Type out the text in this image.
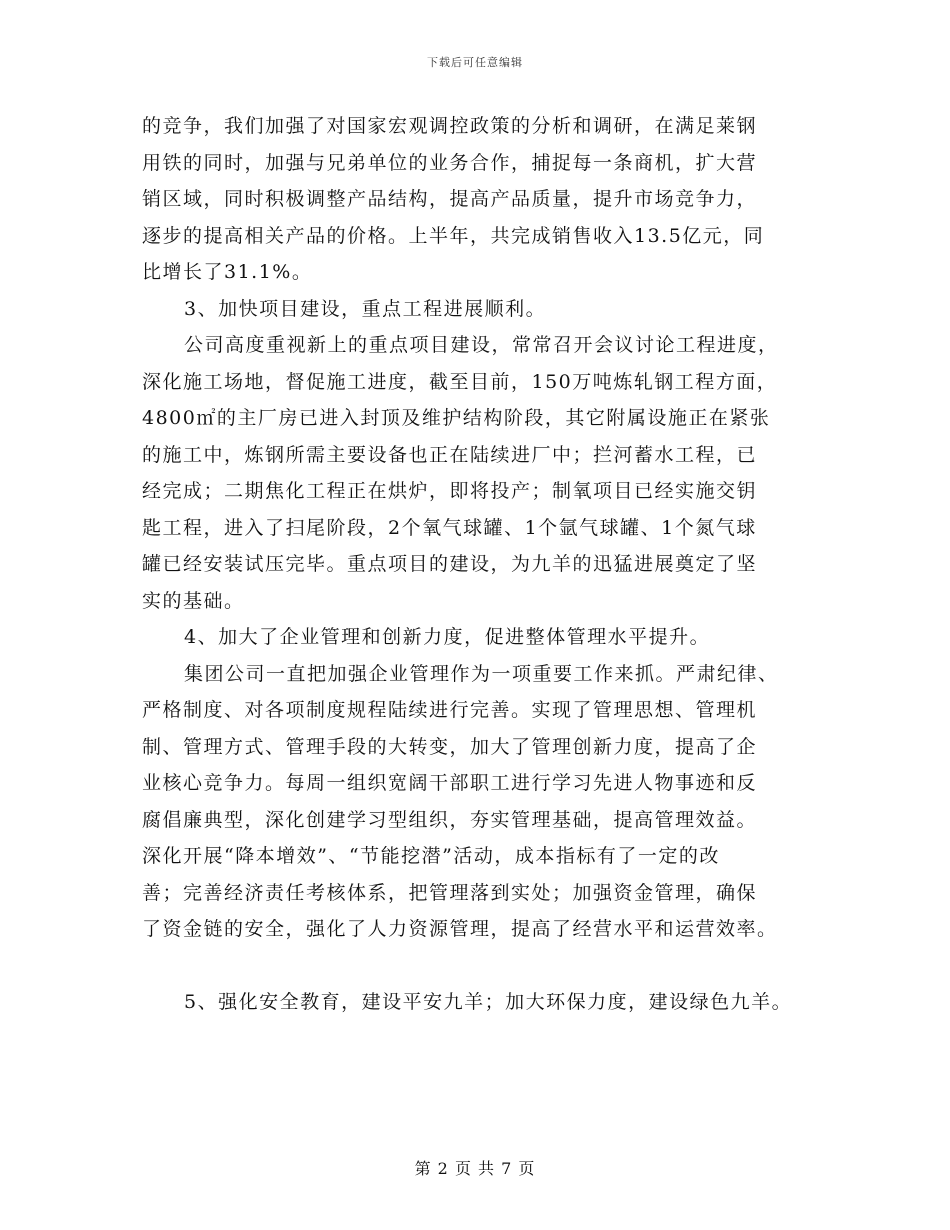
下载后可任意编辑
的竞争，我们加强了对国家宏观调控政策的分析和调研，在满足莱钢
用铁的同时，加强与兄弟单位的业务合作，捕捉每一条商机，扩大营
销区域，同时积极调整产品结构，提高产品质量，提升市场竞争力，
逐步的提高相关产品的价格。上半年，共完成销售收入13.5亿元，同
比增长了31.1%。
3、加快项目建设，重点工程进展顺利。
公司高度重视新上的重点项目建设，常常召开会议讨论工程进度，
深化施工场地，督促施工进度，截至目前，150万吨炼轧钢工程方面，
4800㎡的主厂房已进入封顶及维护结构阶段，其它附属设施正在紧张
的施工中，炼钢所需主要设备也正在陆续进厂中；拦河蓄水工程，已
经完成；二期焦化工程正在烘炉，即将投产；制氧项目已经实施交钥
匙工程，进入了扫尾阶段，2个氧气球罐、1个氩气球罐、1个氮气球
罐已经安装试压完毕。重点项目的建设，为九羊的迅猛进展奠定了坚
实的基础。
4、加大了企业管理和创新力度，促进整体管理水平提升。
集团公司一直把加强企业管理作为一项重要工作来抓。严肃纪律、
严格制度、对各项制度规程陆续进行完善。实现了管理思想、管理机
制、管理方式、管理手段的大转变，加大了管理创新力度，提高了企
业核心竞争力。每周一组织宽阔干部职工进行学习先进人物事迹和反
腐倡廉典型，深化创建学习型组织，夯实管理基础，提高管理效益。
深化开展“降本增效”、“节能挖潜”活动，成本指标有了一定的改
善；完善经济责任考核体系，把管理落到实处；加强资金管理，确保
了资金链的安全，强化了人力资源管理，提高了经营水平和运营效率。
5、强化安全教育，建设平安九羊；加大环保力度，建设绿色九羊。
第 2 页 共 7 页
